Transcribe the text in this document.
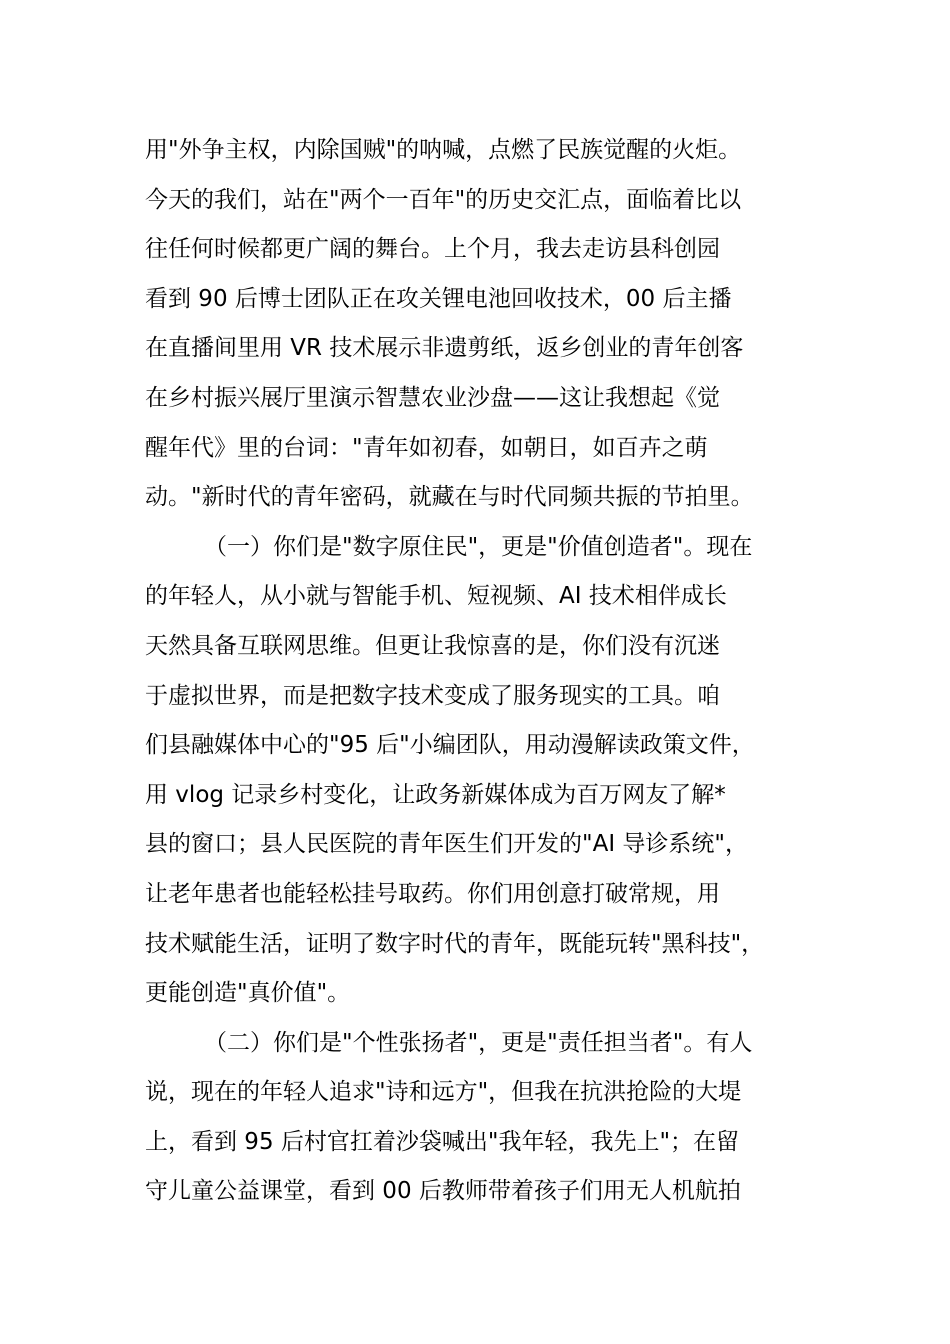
用"外争主权，内除国贼"的呐喊，点燃了民族觉醒的火炬。
今天的我们，站在"两个一百年"的历史交汇点，面临着比以
往任何时候都更广阔的舞台。上个月，我去走访县科创园
看到 90 后博士团队正在攻关锂电池回收技术，00 后主播
在直播间里用 VR 技术展示非遗剪纸，返乡创业的青年创客
在乡村振兴展厅里演示智慧农业沙盘——这让我想起《觉
醒年代》里的台词："青年如初春，如朝日，如百卉之萌
动。"新时代的青年密码，就藏在与时代同频共振的节拍里。
（一）你们是"数字原住民"，更是"价值创造者"。现在
的年轻人，从小就与智能手机、短视频、AI 技术相伴成长
天然具备互联网思维。但更让我惊喜的是，你们没有沉迷
于虚拟世界，而是把数字技术变成了服务现实的工具。咱
们县融媒体中心的"95 后"小编团队，用动漫解读政策文件，
用 vlog 记录乡村变化，让政务新媒体成为百万网友了解*
县的窗口；县人民医院的青年医生们开发的"AI 导诊系统"，
让老年患者也能轻松挂号取药。你们用创意打破常规，用
技术赋能生活，证明了数字时代的青年，既能玩转"黑科技"，
更能创造"真价值"。
（二）你们是"个性张扬者"，更是"责任担当者"。有人
说，现在的年轻人追求"诗和远方"，但我在抗洪抢险的大堤
上，看到 95 后村官扛着沙袋喊出"我年轻，我先上"；在留
守儿童公益课堂，看到 00 后教师带着孩子们用无人机航拍
